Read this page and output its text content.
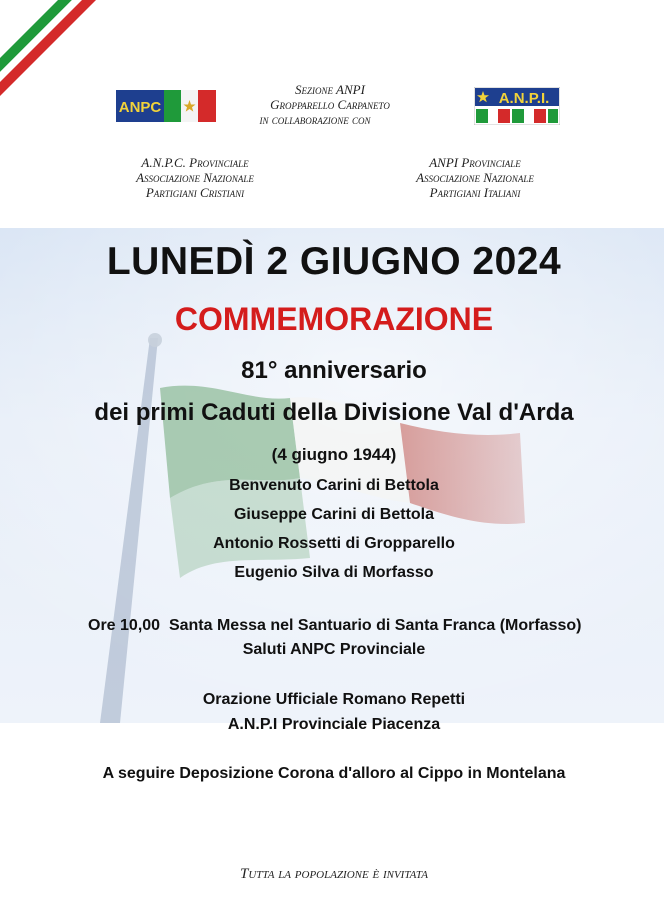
ANPC
Sezione ANPI
Gropparello Carpaneto
in collaborazione con
A.N.P.I.
A.N.P.C. Provinciale
Associazione Nazionale
Partigiani Cristiani
ANPI Provinciale
Associazione Nazionale
Partigiani Italiani
LUNEDÌ 2 GIUGNO 2024
COMMEMORAZIONE
81° anniversario
dei primi Caduti della Divisione Val d'Arda
(4 giugno 1944)
Benvenuto Carini di Bettola
Giuseppe Carini di Bettola
Antonio Rossetti di Gropparello
Eugenio Silva di Morfasso
Ore 10,00  Santa Messa nel Santuario di Santa Franca (Morfasso)
Saluti ANPC Provinciale
Orazione Ufficiale Romano Repetti
A.N.P.I Provinciale Piacenza
A seguire Deposizione Corona d'alloro al Cippo in Montelana
Tutta la popolazione è invitata
